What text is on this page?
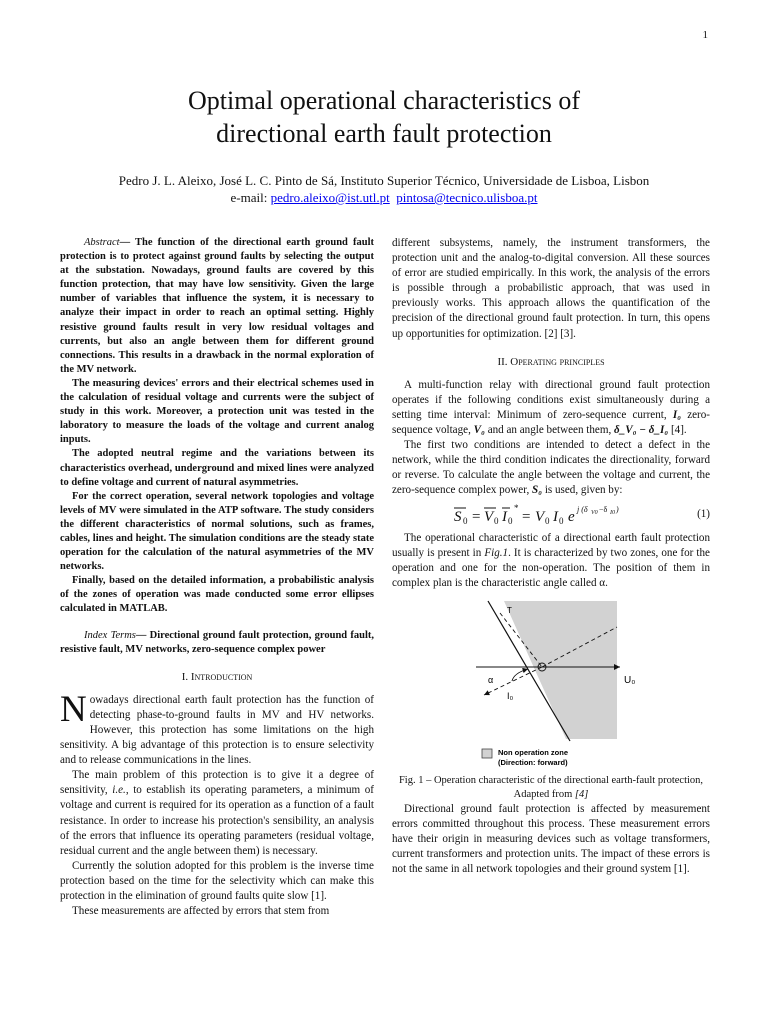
1
Optimal operational characteristics of
directional earth fault protection
Pedro J. L. Aleixo, José L. C. Pinto de Sá, Instituto Superior Técnico, Universidade de Lisboa, Lisbon
e-mail: pedro.aleixo@ist.utl.pt pintosa@tecnico.ulisboa.pt

Abstract— The function of the directional earth ground fault protection is to protect against ground faults by selecting the output at the substation. Nowadays, ground faults are covered by this function protection, that may have low sensitivity. Given the large number of variables that influence the system, it is necessary to analyze their impact in order to reach an optimal setting. Highly resistive ground faults result in very low residual voltages and currents, but also an angle between them for different ground connections. This results in a drawback in the normal exploration of the MV network.

The measuring devices' errors and their electrical schemes used in the calculation of residual voltage and currents were the subject of study in this work. Moreover, a protection unit was tested in the laboratory to measure the loads of the voltage and current analog inputs.

The adopted neutral regime and the variations between its characteristics overhead, underground and mixed lines were analyzed to define voltage and current of natural asymmetries.

For the correct operation, several network topologies and voltage levels of MV were simulated in the ATP software. The study considers the different characteristics of normal solutions, such as frames, cables, lines and height. The simulation conditions are the steady state operation for the calculation of the natural asymmetries of the MV networks.

Finally, based on the detailed information, a probabilistic analysis of the zones of operation was made conducted some error ellipses calculated in MATLAB.

Index Terms— Directional ground fault protection, ground fault, resistive fault, MV networks, zero-sequence complex power

I. Introduction

Nowadays directional earth fault protection has the function of detecting phase-to-ground faults in MV and HV networks. However, this protection has some limitations on the high sensitivity. A big advantage of this protection is to ensure selectivity and to release communications in the lines.

The main problem of this protection is to give it a degree of sensitivity, i.e., to establish its operating parameters, a minimum of voltage and current is required for its operation as a function of a fault resistance. In order to increase his protection's sensibility, an analysis of the errors that influence its operating parameters (residual voltage, residual current and the angle between them) is necessary.

Currently the solution adopted for this problem is the inverse time protection based on the time for the selectivity which can make this protection in the elimination of ground faults quite slow [1].

These measurements are affected by errors that stem from

different subsystems, namely, the instrument transformers, the protection unit and the analog-to-digital conversion. All these sources of error are studied empirically. In this work, the analysis of the errors is possible through a probabilistic approach, that was used in previously works. This approach allows the quantification of the precision of the directional ground fault protection. In turn, this opens up opportunities for optimization. [2] [3].

II. Operating principles

A multi-function relay with directional ground fault protection operates if the following conditions exist simultaneously during a setting time interval: Minimum of zero-sequence current, I₀ zero-sequence voltage, V₀ and an angle between them, δ_V₀ − δ_I₀ [4].

The first two conditions are intended to detect a defect in the network, while the third condition indicates the directionality, forward or reverse. To calculate the angle between the voltage and current, the zero-sequence complex power, S₀ is used, given by:

S 0 = V 0 I 0
*
= V 0 I 0 e j (δ V0 −δ I0 )	(1)

The operational characteristic of a directional earth fault protection usually is present in Fig.1. It is characterized by two zones, one for the operation and one for the non-operation. The position of them in complex plan is the characteristic angle called α.

U₀
I₀
α
T
Non operation zone
(Direction: forward)

Fig. 1 – Operation characteristic of the directional earth-fault protection, Adapted from [4]

Directional ground fault protection is affected by measurement errors committed throughout this process. These measurement errors have their origin in measuring devices such as voltage transformers, current transformers and protection units. The impact of these errors is not the same in all network topologies and their ground system [1].
